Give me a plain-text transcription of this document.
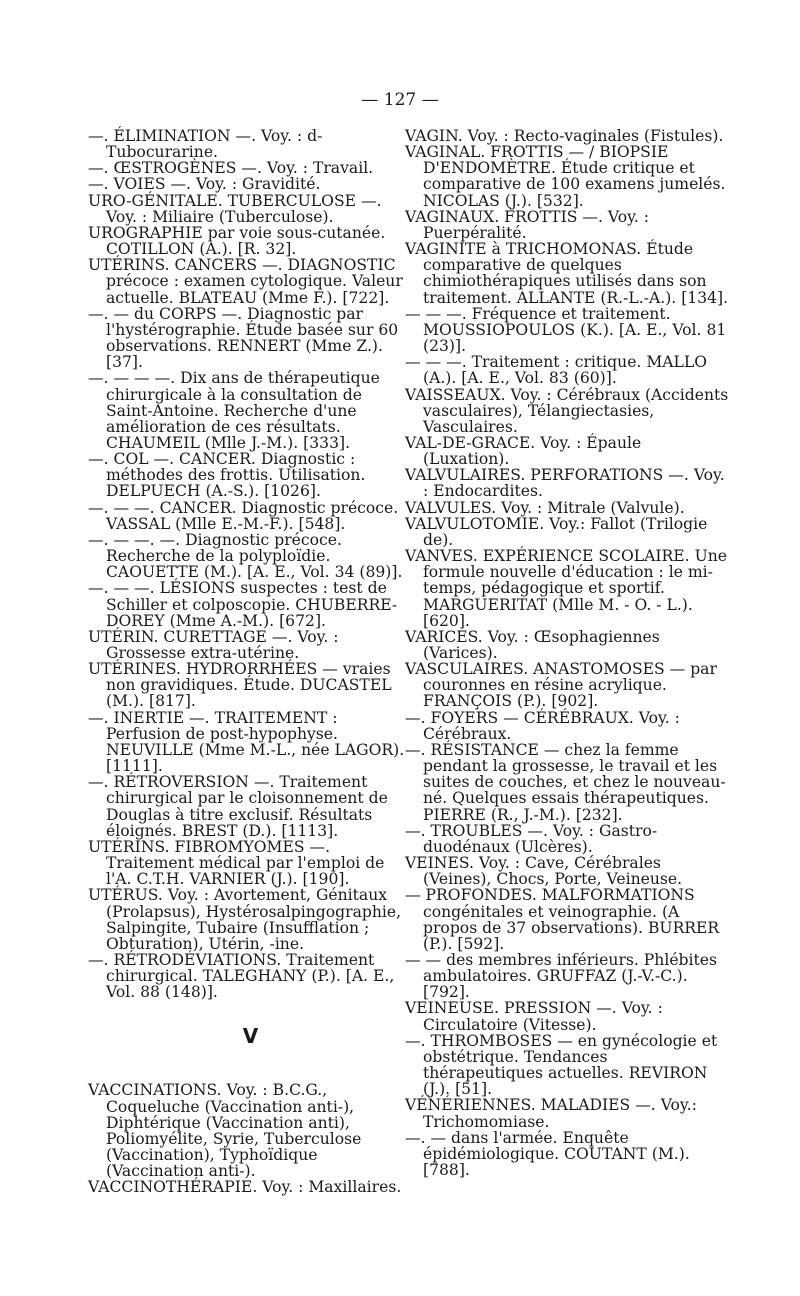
— 127 —

—. ÉLIMINATION —. Voy. : d-Tubocurarine.

—. ŒSTROGÈNES —. Voy. : Travail.

—. VOIES —. Voy. : Gravidité.

URO-GÉNITALE. TUBERCULOSE —. Voy. : Miliaire (Tuberculose).

UROGRAPHIE par voie sous-cutanée. COTILLON (A.). [R. 32].

UTÉRINS. CANCERS —. DIAGNOSTIC précoce : examen cytologique. Valeur actuelle. BLATEAU (Mme F.). [722].

—. — du CORPS —. Diagnostic par l'hystérographie. Étude basée sur 60 observations. RENNERT (Mme Z.). [37].

—. — — —. Dix ans de thérapeutique chirurgicale à la consultation de Saint-Antoine. Recherche d'une amélioration de ces résultats. CHAUMEIL (Mlle J.-M.). [333].

—. COL —. CANCER. Diagnostic : méthodes des frottis. Utilisation. DELPUECH (A.-S.). [1026].

—. — —. CANCER. Diagnostic précoce. VASSAL (Mlle E.-M.-F.). [548].

—. — —. —. Diagnostic précoce. Recherche de la polyploïdie. CAOUETTE (M.). [A. E., Vol. 34 (89)].

—. — —. LÉSIONS suspectes : test de Schiller et colposcopie. CHUBERRE-DOREY (Mme A.-M.). [672].

UTÉRIN. CURETTAGE —. Voy. : Grossesse extra-utérine.

UTÉRINES. HYDRORRHÉES — vraies non gravidiques. Étude. DUCASTEL (M.). [817].

—. INERTIE —. TRAITEMENT : Perfusion de post-hypophyse. NEUVILLE (Mme M.-L., née LAGOR). [1111].

—. RÉTROVERSION —. Traitement chirurgical par le cloisonnement de Douglas à titre exclusif. Résultats éloignés. BREST (D.). [1113].

UTÉRINS. FIBROMYOMES —. Traitement médical par l'emploi de l'A. C.T.H. VARNIER (J.). [190].

UTÉRUS. Voy. : Avortement, Génitaux (Prolapsus), Hystérosalpingographie, Salpingite, Tubaire (Insufflation ; Obturation), Utérin, -ine.

—. RÉTRODÉVIATIONS. Traitement chirurgical. TALEGHANY (P.). [A. E., Vol. 88 (148)].

V

VACCINATIONS. Voy. : B.C.G., Coqueluche (Vaccination anti-), Diphtérique (Vaccination anti), Poliomyélite, Syrie, Tuberculose (Vaccination), Typhoïdique (Vaccination anti-).

VACCINOTHÉRAPIE. Voy. : Maxillaires.

VAGIN. Voy. : Recto-vaginales (Fistules).

VAGINAL. FROTTIS — / BIOPSIE D'ENDOMÈTRE. Étude critique et comparative de 100 examens jumelés. NICOLAS (J.). [532].

VAGINAUX. FROTTIS —. Voy. : Puerpéralité.

VAGINITE à TRICHOMONAS. Étude comparative de quelques chimiothérapiques utilisés dans son traitement. ALLANTE (R.-L.-A.). [134].

— — —. Fréquence et traitement. MOUSSIOPOULOS (K.). [A. E., Vol. 81 (23)].

— — —. Traitement : critique. MALLO (A.). [A. E., Vol. 83 (60)].

VAISSEAUX. Voy. : Cérébraux (Accidents vasculaires), Télangiectasies, Vasculaires.

VAL-DE-GRACE. Voy. : Épaule (Luxation).

VALVULAIRES. PERFORATIONS —. Voy. : Endocardites.

VALVULES. Voy. : Mitrale (Valvule).

VALVULOTOMIE. Voy.: Fallot (Trilogie de).

VANVES. EXPÉRIENCE SCOLAIRE. Une formule nouvelle d'éducation : le mi-temps, pédagogique et sportif. MARGUERITAT (Mlle M. - O. - L.). [620].

VARICES. Voy. : Œsophagiennes (Varices).

VASCULAIRES. ANASTOMOSES — par couronnes en résine acrylique. FRANÇOIS (P.). [902].

—. FOYERS — CÉRÉBRAUX. Voy. : Cérébraux.

—. RÉSISTANCE — chez la femme pendant la grossesse, le travail et les suites de couches, et chez le nouveau-né. Quelques essais thérapeutiques. PIERRE (R., J.-M.). [232].

—. TROUBLES —. Voy. : Gastro-duodénaux (Ulcères).

VEINES. Voy. : Cave, Cérébrales (Veines), Chocs, Porte, Veineuse.

— PROFONDES. MALFORMATIONS congénitales et veinographie. (A propos de 37 observations). BURRER (P.). [592].

— — des membres inférieurs. Phlébites ambulatoires. GRUFFAZ (J.-V.-C.). [792].

VEINEUSE. PRESSION —. Voy. : Circulatoire (Vitesse).

—. THROMBOSES — en gynécologie et obstétrique. Tendances thérapeutiques actuelles. REVIRON (J.). [51].

VÉNÉRIENNES. MALADIES —. Voy.: Trichomomiase.

—. — dans l'armée. Enquête épidémiologique. COUTANT (M.). [788].
